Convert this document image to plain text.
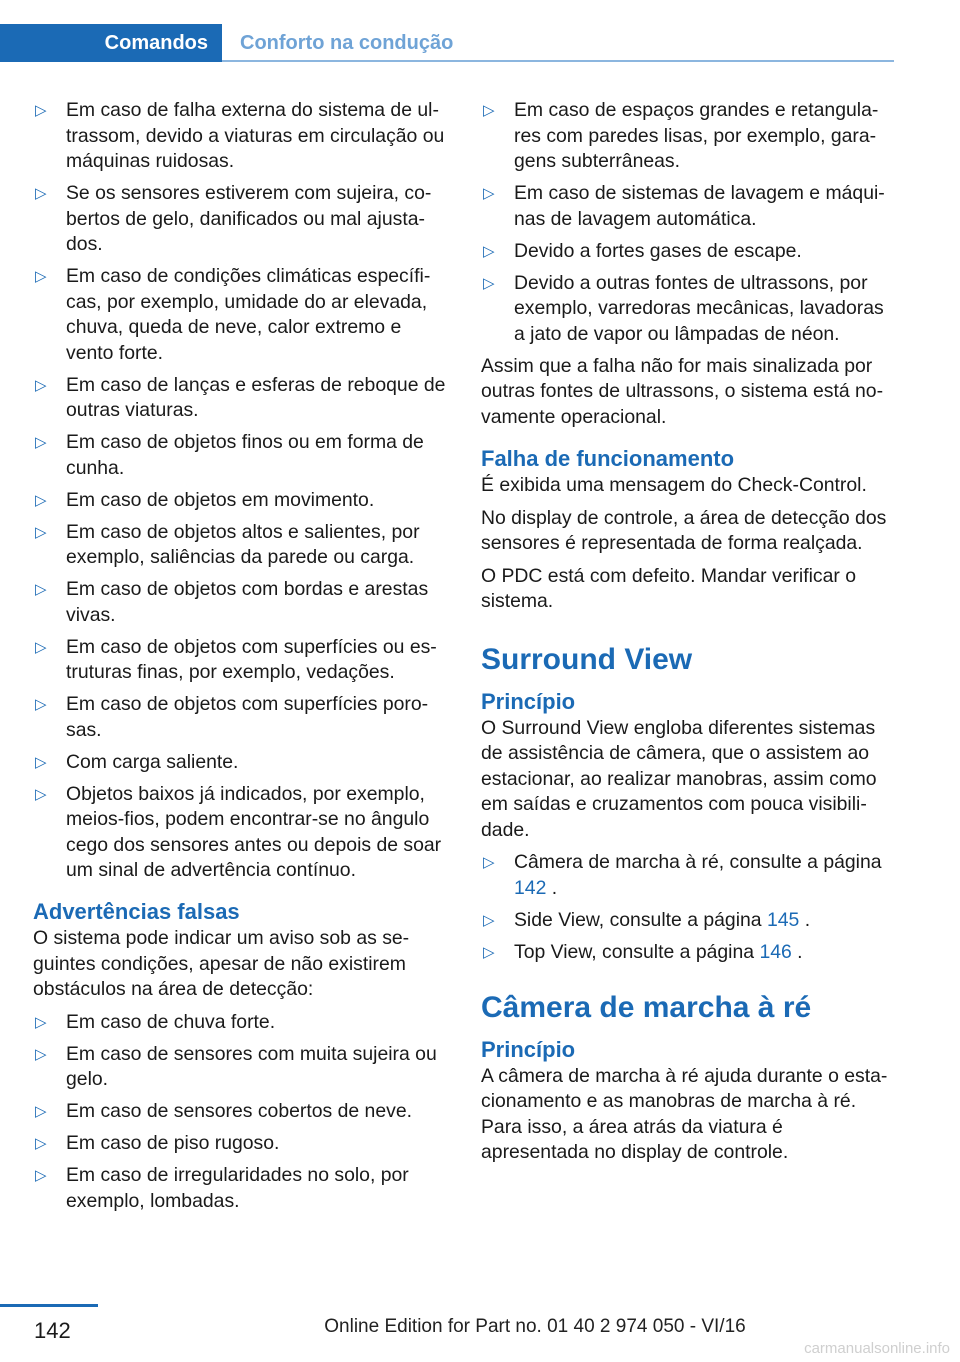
Comandos Conforto na condução
▷ Em caso de falha externa do sistema de ultrassom, devido a viaturas em circulação ou máquinas ruidosas.
▷ Se os sensores estiverem com sujeira, cobertos de gelo, danificados ou mal ajustados.
▷ Em caso de condições climáticas específicas, por exemplo, umidade do ar elevada, chuva, queda de neve, calor extremo e vento forte.
▷ Em caso de lanças e esferas de reboque de outras viaturas.
▷ Em caso de objetos finos ou em forma de cunha.
▷ Em caso de objetos em movimento.
▷ Em caso de objetos altos e salientes, por exemplo, saliências da parede ou carga.
▷ Em caso de objetos com bordas e arestas vivas.
▷ Em caso de objetos com superfícies ou estruturas finas, por exemplo, vedações.
▷ Em caso de objetos com superfícies porosas.
▷ Com carga saliente.
▷ Objetos baixos já indicados, por exemplo, meios-fios, podem encontrar-se no ângulo cego dos sensores antes ou depois de soar um sinal de advertência contínuo.
Advertências falsas

O sistema pode indicar um aviso sob as seguintes condições, apesar de não existirem obstáculos na área de detecção:

▷ Em caso de chuva forte.
▷ Em caso de sensores com muita sujeira ou gelo.
▷ Em caso de sensores cobertos de neve.
▷ Em caso de piso rugoso.
▷ Em caso de irregularidades no solo, por exemplo, lombadas.
▷ Em caso de espaços grandes e retangulares com paredes lisas, por exemplo, garagens subterrâneas.
▷ Em caso de sistemas de lavagem e máquinas de lavagem automática.
▷ Devido a fortes gases de escape.
▷ Devido a outras fontes de ultrassons, por exemplo, varredoras mecânicas, lavadoras a jato de vapor ou lâmpadas de néon.

Assim que a falha não for mais sinalizada por outras fontes de ultrassons, o sistema está novamente operacional.

Falha de funcionamento

É exibida uma mensagem do Check-Control.

No display de controle, a área de detecção dos sensores é representada de forma realçada.

O PDC está com defeito. Mandar verificar o sistema.

Surround View
Princípio

O Surround View engloba diferentes sistemas de assistência de câmera, que o assistem ao estacionar, ao realizar manobras, assim como em saídas e cruzamentos com pouca visibilidade.

▷ Câmera de marcha à ré, consulte a página 142 .
▷ Side View, consulte a página 145 .
▷ Top View, consulte a página 146 .
Câmera de marcha à ré
Princípio

A câmera de marcha à ré ajuda durante o estacionamento e as manobras de marcha à ré. Para isso, a área atrás da viatura é apresentada no display de controle.

142	Online Edition for Part no. 01 40 2 974 050 - VI/16
carmanualsonline.info
